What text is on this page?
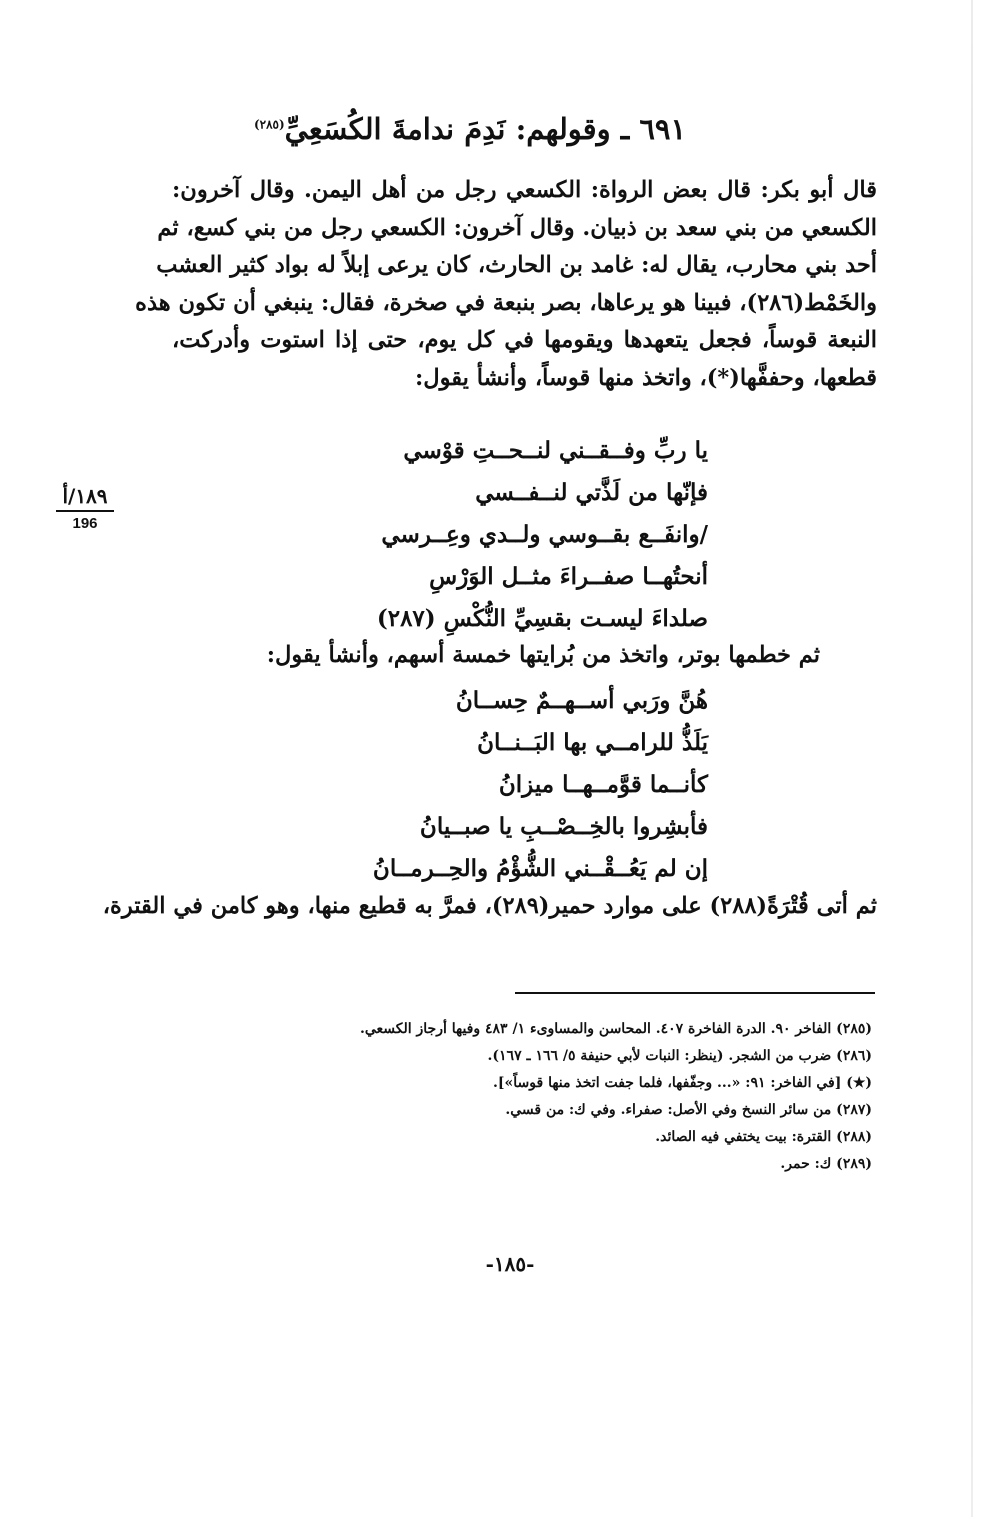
٦٩١ ـ وقولهم: نَدِمَ ندامةَ الكُسَعِيِّ$^{(٢٨٥)}$
قال أبو بكر: قال بعض الرواة: الكسعي رجل من أهل اليمن. وقال آخرون:
الكسعي من بني سعد بن ذبيان. وقال آخرون: الكسعي رجل من بني كسع، ثم
أحد بني محارب، يقال له: غامد بن الحارث، كان يرعى إبلاً له بواد كثير العشب
والخَمْط(٢٨٦)، فبينا هو يرعاها، بصر بنبعة في صخرة، فقال: ينبغي أن تكون هذه
النبعة قوساً، فجعل يتعهدها ويقومها في كل يوم، حتى إذا استوت وأدركت،
قطعها، وحففَّها(*)، واتخذ منها قوساً، وأنشأ يقول:
يا ربِّ وفــقــني لنــحــتِ قوْسي
فإنّها من لَذَّتي لنــفــسي
/وانفَــع بقــوسي ولــدي وعِــرسي
أنحتُهــا صفــراءَ مثــل الوَرْسِ
صلداءَ ليسـت بقسِيِّ النُّكْسِ (٢٨٧)
ثم خطمها بوتر، واتخذ من بُرايتها خمسة أسهم، وأنشأ يقول:
هُنَّ ورَبي أســهــمٌ حِســانُ
يَلَذُّ للرامــي بها البَــنــانُ
كأنــما قوَّمــهــا ميزانُ
فأبشِروا بالخِــصْــبِ يا صبــيانُ
إن لم يَعُــقْــني الشُّؤْمُ والحِــرمــانُ
ثم أتى قُتْرَةً(٢٨٨) على موارد حمير(٢٨٩)، فمرَّ به قطيع منها، وهو كامن في القترة،
١٨٩/أ
196
(٢٨٥) الفاخر ٩٠. الدرة الفاخرة ٤٠٧. المحاسن والمساوىء ١/ ٤٨٣ وفيها أرجاز الكسعي.
(٢٨٦) ضرب من الشجر. (ينظر: النبات لأبي حنيفة ٥/ ١٦٦ ـ ١٦٧).
(★) [في الفاخر: ٩١: «... وجفّفها، فلما جفت اتخذ منها قوساً»].
(٢٨٧) من سائر النسخ وفي الأصل: صفراء. وفي ك: من قسي.
(٢٨٨) القترة: بيت يختفي فيه الصائد.
(٢٨٩) ك: حمر.
-١٨٥-
